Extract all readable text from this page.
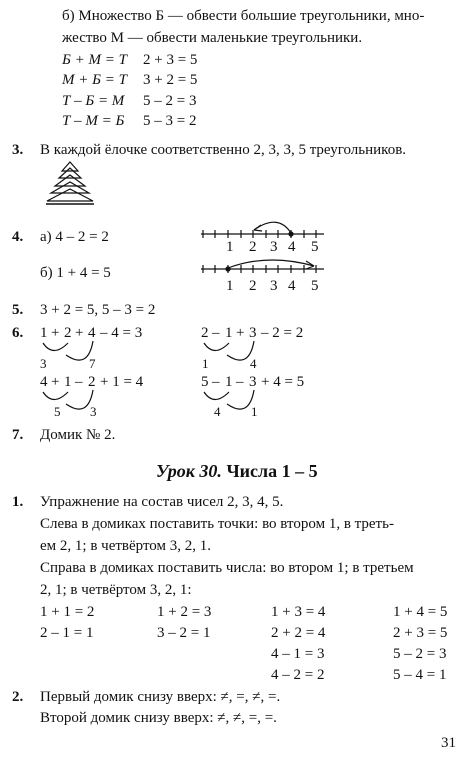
б) Множество Б — обвести большие треугольники, мно-
жество М — обвести маленькие треугольники.
Б + М = Т 2 + 3 = 5
М + Б = Т 3 + 2 = 5
Т – Б = М 5 – 2 = 3
Т – М = Б 5 – 3 = 2
3. В каждой ёлочке соответственно 2, 3, 3, 5 треугольников.
4. а) 4 – 2 = 2
б) 1 + 4 = 5
1 2 3 4 5
1 2 3 4 5
5. 3 + 2 = 5, 5 – 3 = 2
6. 1 + 2 + 4 – 4 = 3
3	7
2 – 1 + 3 – 2 = 2
1	4
4 + 1 – 2 + 1 = 4
5 3
5 – 1 – 3 + 4 = 5
4 1
7. Домик № 2.
Урок 30. Числа 1 – 5
1. Упражнение на состав чисел 2, 3, 4, 5.
Слева в домиках поставить точки: во втором 1, в треть-
ем 2, 1; в четвёртом 3, 2, 1.
Справа в домиках поставить числа: во втором 1; в третьем
2, 1; в четвёртом 3, 2, 1:
1 + 1 = 2
2 – 1 = 1
1 + 2 = 3
3 – 2 = 1
1 + 3 = 4
2 + 2 = 4
4 – 1 = 3
4 – 2 = 2
1 + 4 = 5
2 + 3 = 5
5 – 2 = 3
5 – 4 = 1
2. Первый домик снизу вверх: ≠, =, ≠, =.
Второй домик снизу вверх: ≠, ≠, =, =.
31
